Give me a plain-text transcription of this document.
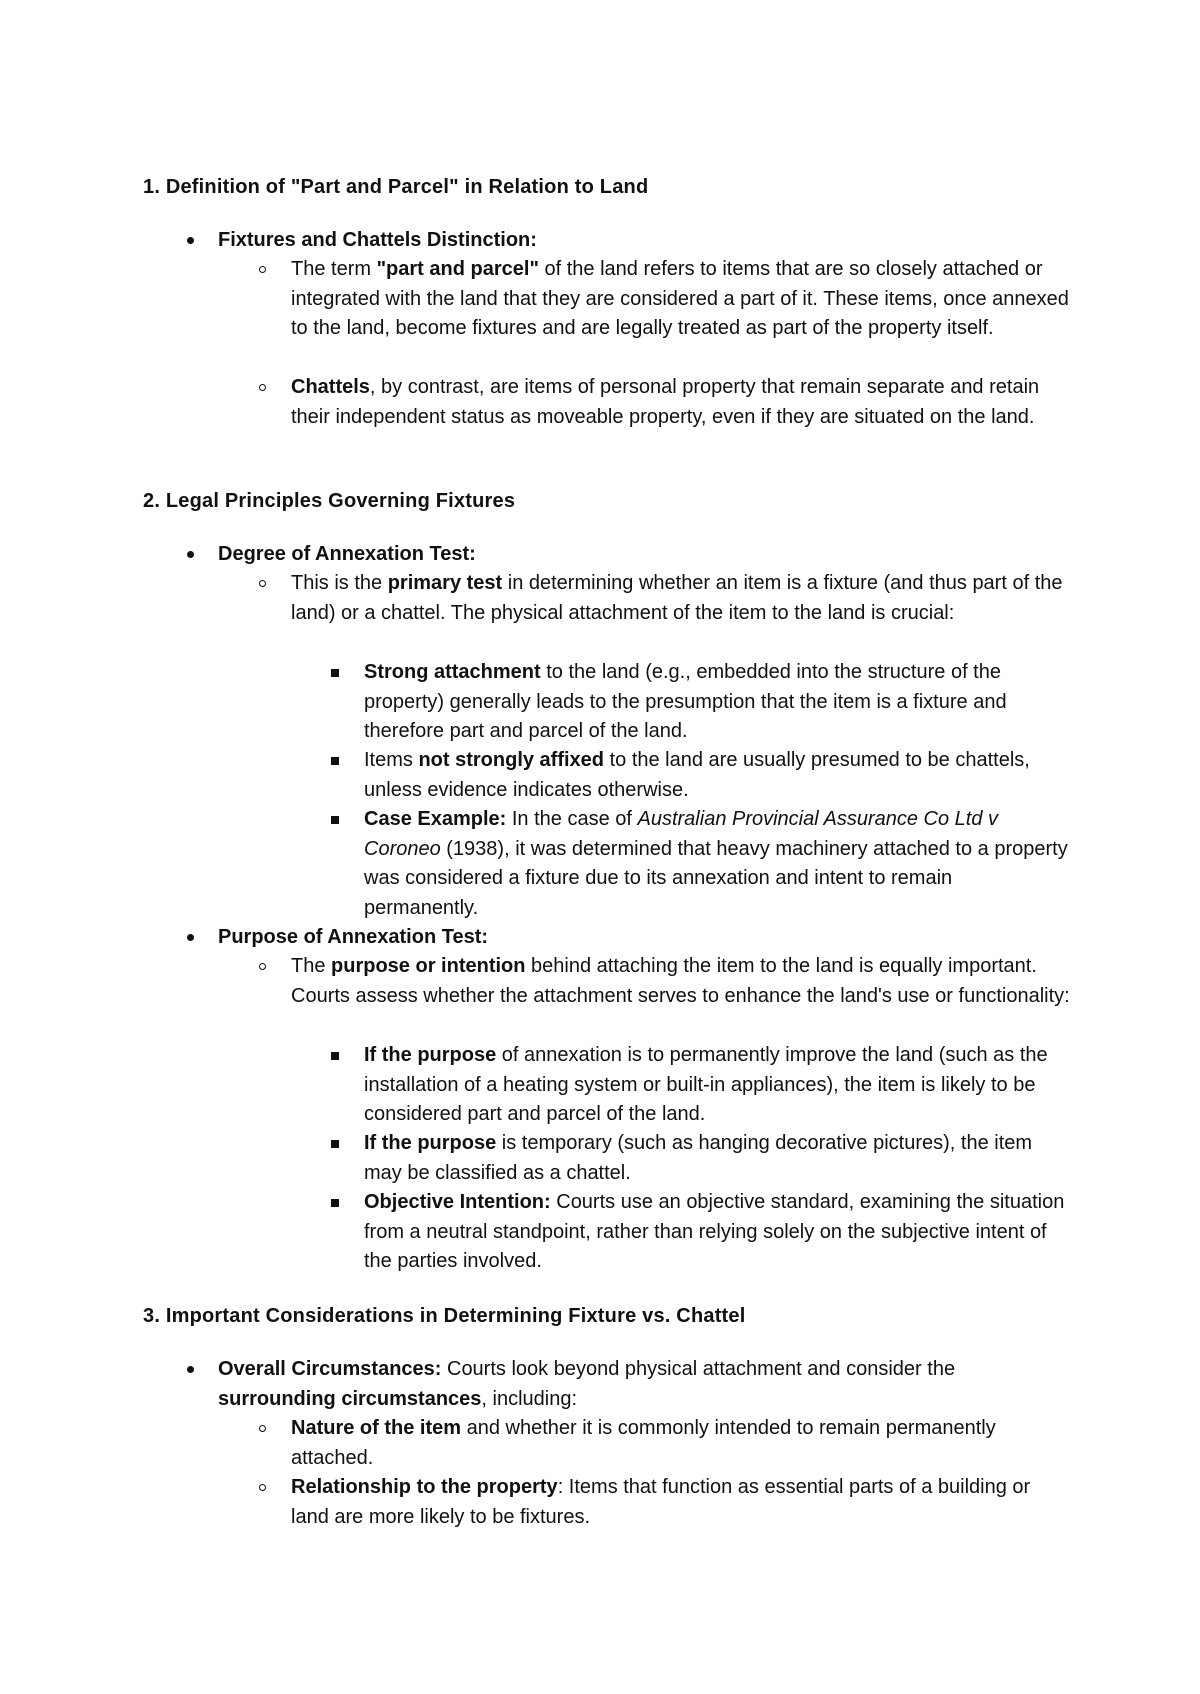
1. Definition of "Part and Parcel" in Relation to Land
Fixtures and Chattels Distinction:
The term "part and parcel" of the land refers to items that are so closely attached or integrated with the land that they are considered a part of it. These items, once annexed to the land, become fixtures and are legally treated as part of the property itself.
Chattels, by contrast, are items of personal property that remain separate and retain their independent status as moveable property, even if they are situated on the land.
2. Legal Principles Governing Fixtures
Degree of Annexation Test:
This is the primary test in determining whether an item is a fixture (and thus part of the land) or a chattel. The physical attachment of the item to the land is crucial:
Strong attachment to the land (e.g., embedded into the structure of the property) generally leads to the presumption that the item is a fixture and therefore part and parcel of the land.
Items not strongly affixed to the land are usually presumed to be chattels, unless evidence indicates otherwise.
Case Example: In the case of Australian Provincial Assurance Co Ltd v Coroneo (1938), it was determined that heavy machinery attached to a property was considered a fixture due to its annexation and intent to remain permanently.
Purpose of Annexation Test:
The purpose or intention behind attaching the item to the land is equally important. Courts assess whether the attachment serves to enhance the land's use or functionality:
If the purpose of annexation is to permanently improve the land (such as the installation of a heating system or built-in appliances), the item is likely to be considered part and parcel of the land.
If the purpose is temporary (such as hanging decorative pictures), the item may be classified as a chattel.
Objective Intention: Courts use an objective standard, examining the situation from a neutral standpoint, rather than relying solely on the subjective intent of the parties involved.
3. Important Considerations in Determining Fixture vs. Chattel
Overall Circumstances: Courts look beyond physical attachment and consider the surrounding circumstances, including:
Nature of the item and whether it is commonly intended to remain permanently attached.
Relationship to the property: Items that function as essential parts of a building or land are more likely to be fixtures.
